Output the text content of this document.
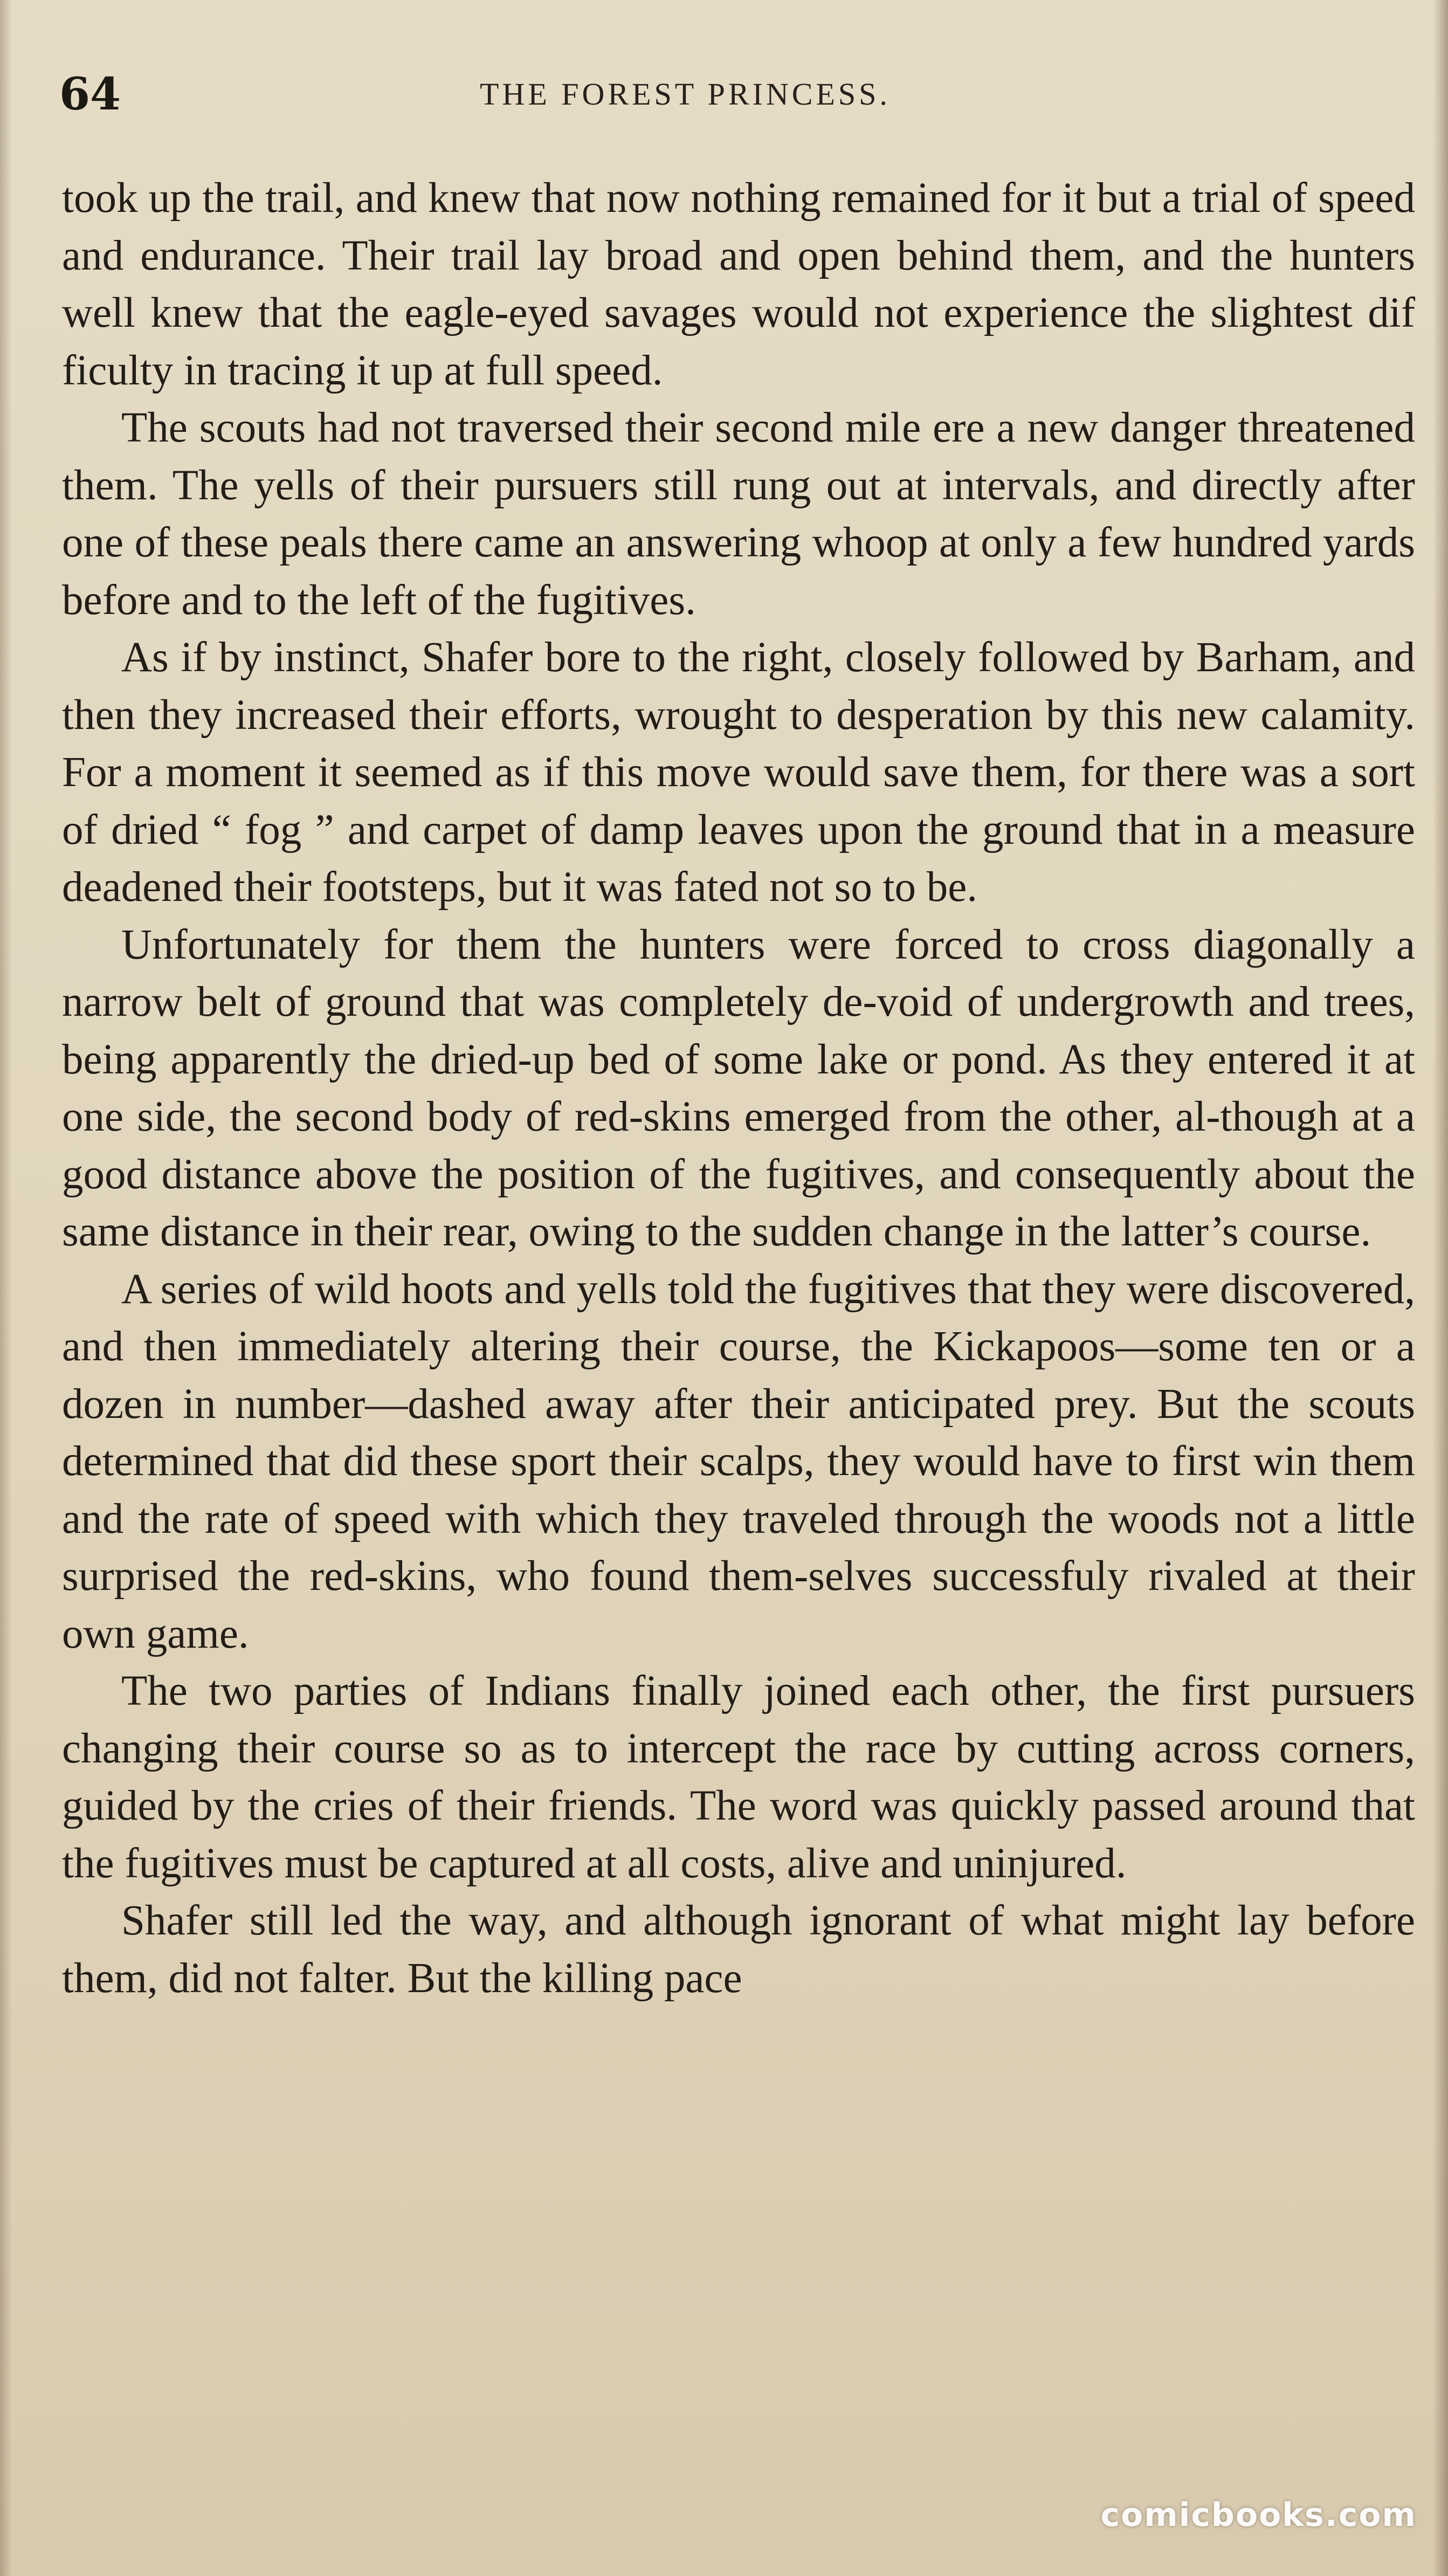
64	THE FOREST PRINCESS.

took up the trail, and knew that now nothing remained for it but a trial of speed and endurance. Their trail lay broad and open behind them, and the hunters well knew that the eagle-eyed savages would not experience the slightest dif ficulty in tracing it up at full speed.

The scouts had not traversed their second mile ere a new danger threatened them. The yells of their pursuers still rung out at intervals, and directly after one of these peals there came an answering whoop at only a few hundred yards before and to the left of the fugitives.

As if by instinct, Shafer bore to the right, closely followed by Barham, and then they increased their efforts, wrought to desperation by this new calamity. For a moment it seemed as if this move would save them, for there was a sort of dried “ fog ” and carpet of damp leaves upon the ground that in a measure deadened their footsteps, but it was fated not so to be.

Unfortunately for them the hunters were forced to cross diagonally a narrow belt of ground that was completely de-void of undergrowth and trees, being apparently the dried-up bed of some lake or pond. As they entered it at one side, the second body of red-skins emerged from the other, al-though at a good distance above the position of the fugitives, and consequently about the same distance in their rear, owing to the sudden change in the latter’s course.

A series of wild hoots and yells told the fugitives that they were discovered, and then immediately altering their course, the Kickapoos—some ten or a dozen in number—dashed away after their anticipated prey. But the scouts determined that did these sport their scalps, they would have to first win them and the rate of speed with which they traveled through the woods not a little surprised the red-skins, who found them-selves successfuly rivaled at their own game.

The two parties of Indians finally joined each other, the first pursuers changing their course so as to intercept the race by cutting across corners, guided by the cries of their friends. The word was quickly passed around that the fugitives must be captured at all costs, alive and uninjured.

Shafer still led the way, and although ignorant of what might lay before them, did not falter. But the killing pace

comicbooks.com
